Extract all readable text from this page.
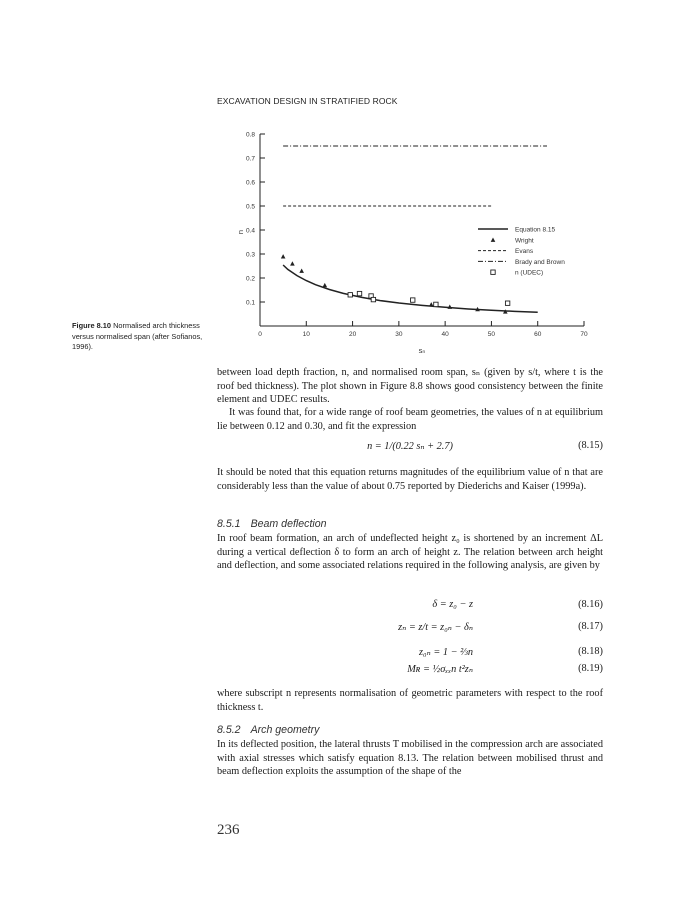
EXCAVATION DESIGN IN STRATIFIED ROCK
sₙ
n
0.1
0.2
0.3
0.4
0.5
0.6
0.7
0.8
0	10	20	30	40	50	60	70
Equation 8.15
Wright
Evans
Brady and Brown
n (UDEC)
Figure 8.10 Normalised arch thickness versus normalised span (after Sofianos, 1996).
between load depth fraction, n, and normalised room span, sₙ (given by s/t, where t is the roof bed thickness). The plot shown in Figure 8.8 shows good consistency between the finite element and UDEC results.
It was found that, for a wide range of roof beam geometries, the values of n at equilibrium lie between 0.12 and 0.30, and fit the expression
n = 1/(0.22 sₙ + 2.7)	(8.15)
It should be noted that this equation returns magnitudes of the equilibrium value of n that are considerably less than the value of about 0.75 reported by Diederichs and Kaiser (1999a).
8.5.1 Beam deflection
In roof beam formation, an arch of undeflected height z₀ is shortened by an increment ΔL during a vertical deflection δ to form an arch of height z. The relation between arch height and deflection, and some associated relations required in the following analysis, are given by
δ = z₀ − z	(8.16)
zₙ = z/t = z₀ₙ − δₙ	(8.17)
z₀ₙ = 1 − ⅔n	(8.18)
Mʀ = ½σₓₓn t²zₙ	(8.19)
where subscript n represents normalisation of geometric parameters with respect to the roof thickness t.
8.5.2 Arch geometry
In its deflected position, the lateral thrusts T mobilised in the compression arch are associated with axial stresses which satisfy equation 8.13. The relation between mobilised thrust and beam deflection exploits the assumption of the shape of the
236
